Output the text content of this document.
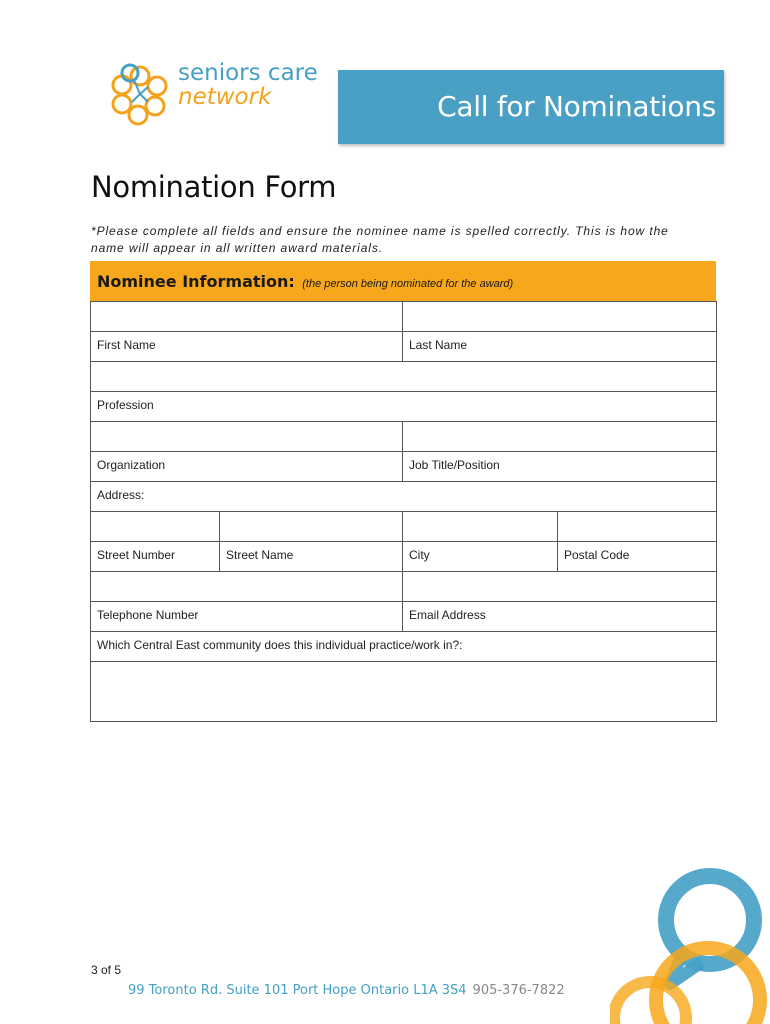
seniors care
network	Call for Nominations
Nomination Form
*Please complete all fields and ensure the nominee name is spelled correctly. This is how the name will appear in all written award materials.
Nominee Information: (the person being nominated for the award)

First Name		Last Name	

Profession			

Organization		Job Title/Position	
Address:			

Street Number	Street Name	City	Postal Code

Telephone Number		Email Address	
Which Central East community does this individual practice/work in?:			

3 of 5
99 Toronto Rd. Suite 101 Port Hope Ontario L1A 3S4 905-376-7822
